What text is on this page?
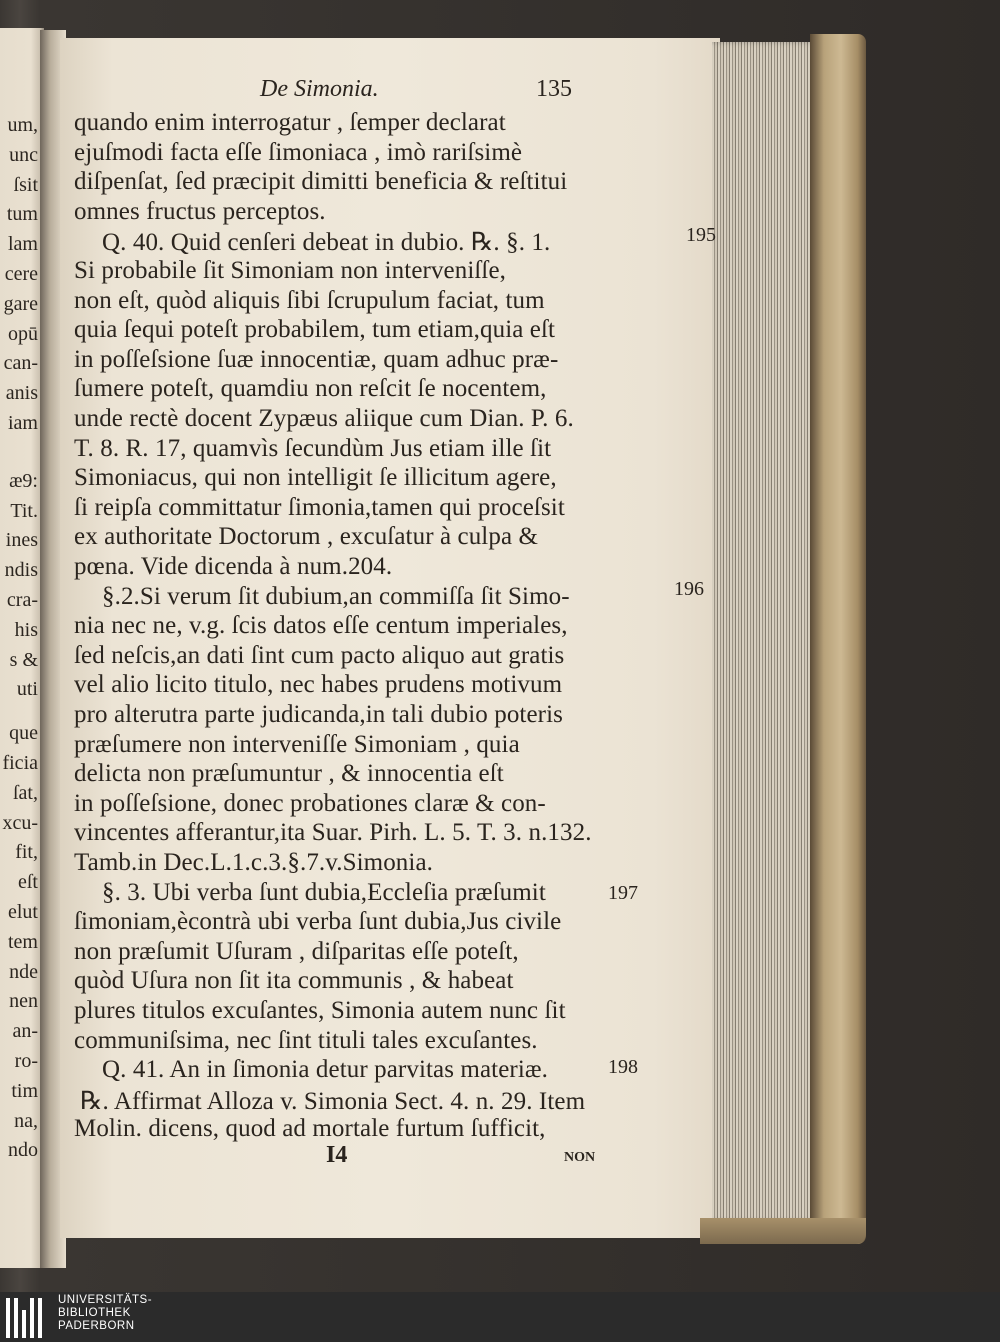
um,
unc
ſsit
tum
lam
cere
gare
opū
can-
anis
iam
æ9:
Tit.
ines
ndis
cra-
his
s &
uti
que
ficia
ſat,
xcu-
fit,
eſt
elut
tem
nde
nen
an-
ro-
tim
na,
ndo
De Simonia.	135
quando enim interrogatur , ſemper declarat
ejuſmodi facta eſſe ſimoniaca , imò rariſsimè
diſpenſat, ſed præcipit dimitti beneficia & reſtitui
omnes fructus perceptos.
Q. 40. Quid cenſeri debeat in dubio. ℞. §. 1.
Si probabile ſit Simoniam non interveniſſe,
non eſt, quòd aliquis ſibi ſcrupulum faciat, tum
quia ſequi poteſt probabilem, tum etiam,quia eſt
in poſſeſsione ſuæ innocentiæ, quam adhuc præ-
ſumere poteſt, quamdiu non reſcit ſe nocentem,
unde rectè docent Zypæus aliique cum Dian. P. 6.
T. 8. R. 17, quamvìs ſecundùm Jus etiam ille ſit
Simoniacus, qui non intelligit ſe illicitum agere,
ſi reipſa committatur ſimonia,tamen qui proceſsit
ex authoritate Doctorum , excuſatur à culpa &
pœna. Vide dicenda à num.204.
§.2.Si verum ſit dubium,an commiſſa ſit Simo-
nia nec ne, v.g. ſcis datos eſſe centum imperiales,
ſed neſcis,an dati ſint cum pacto aliquo aut gratis
vel alio licito titulo, nec habes prudens motivum
pro alterutra parte judicanda,in tali dubio poteris
præſumere non interveniſſe Simoniam , quia
delicta non præſumuntur , & innocentia eſt
in poſſeſsione, donec probationes claræ & con-
vincentes afferantur,ita Suar. Pirh. L. 5. T. 3. n.132.
Tamb.in Dec.L.1.c.3.§.7.v.Simonia.
§. 3. Ubi verba ſunt dubia,Eccleſia præſumit
ſimoniam,ècontrà ubi verba ſunt dubia,Jus civile
non præſumit Uſuram , diſparitas eſſe poteſt,
quòd Uſura non ſit ita communis , & habeat
plures titulos excuſantes, Simonia autem nunc ſit
communiſsima, nec ſint tituli tales excuſantes.
Q. 41. An in ſimonia detur parvitas materiæ.
℞. Affirmat Alloza v. Simonia Sect. 4. n. 29. Item
Molin. dicens, quod ad mortale furtum ſufficit,
195
196
197
198
I4	non
UNIVERSITÄTS-
BIBLIOTHEK
PADERBORN
